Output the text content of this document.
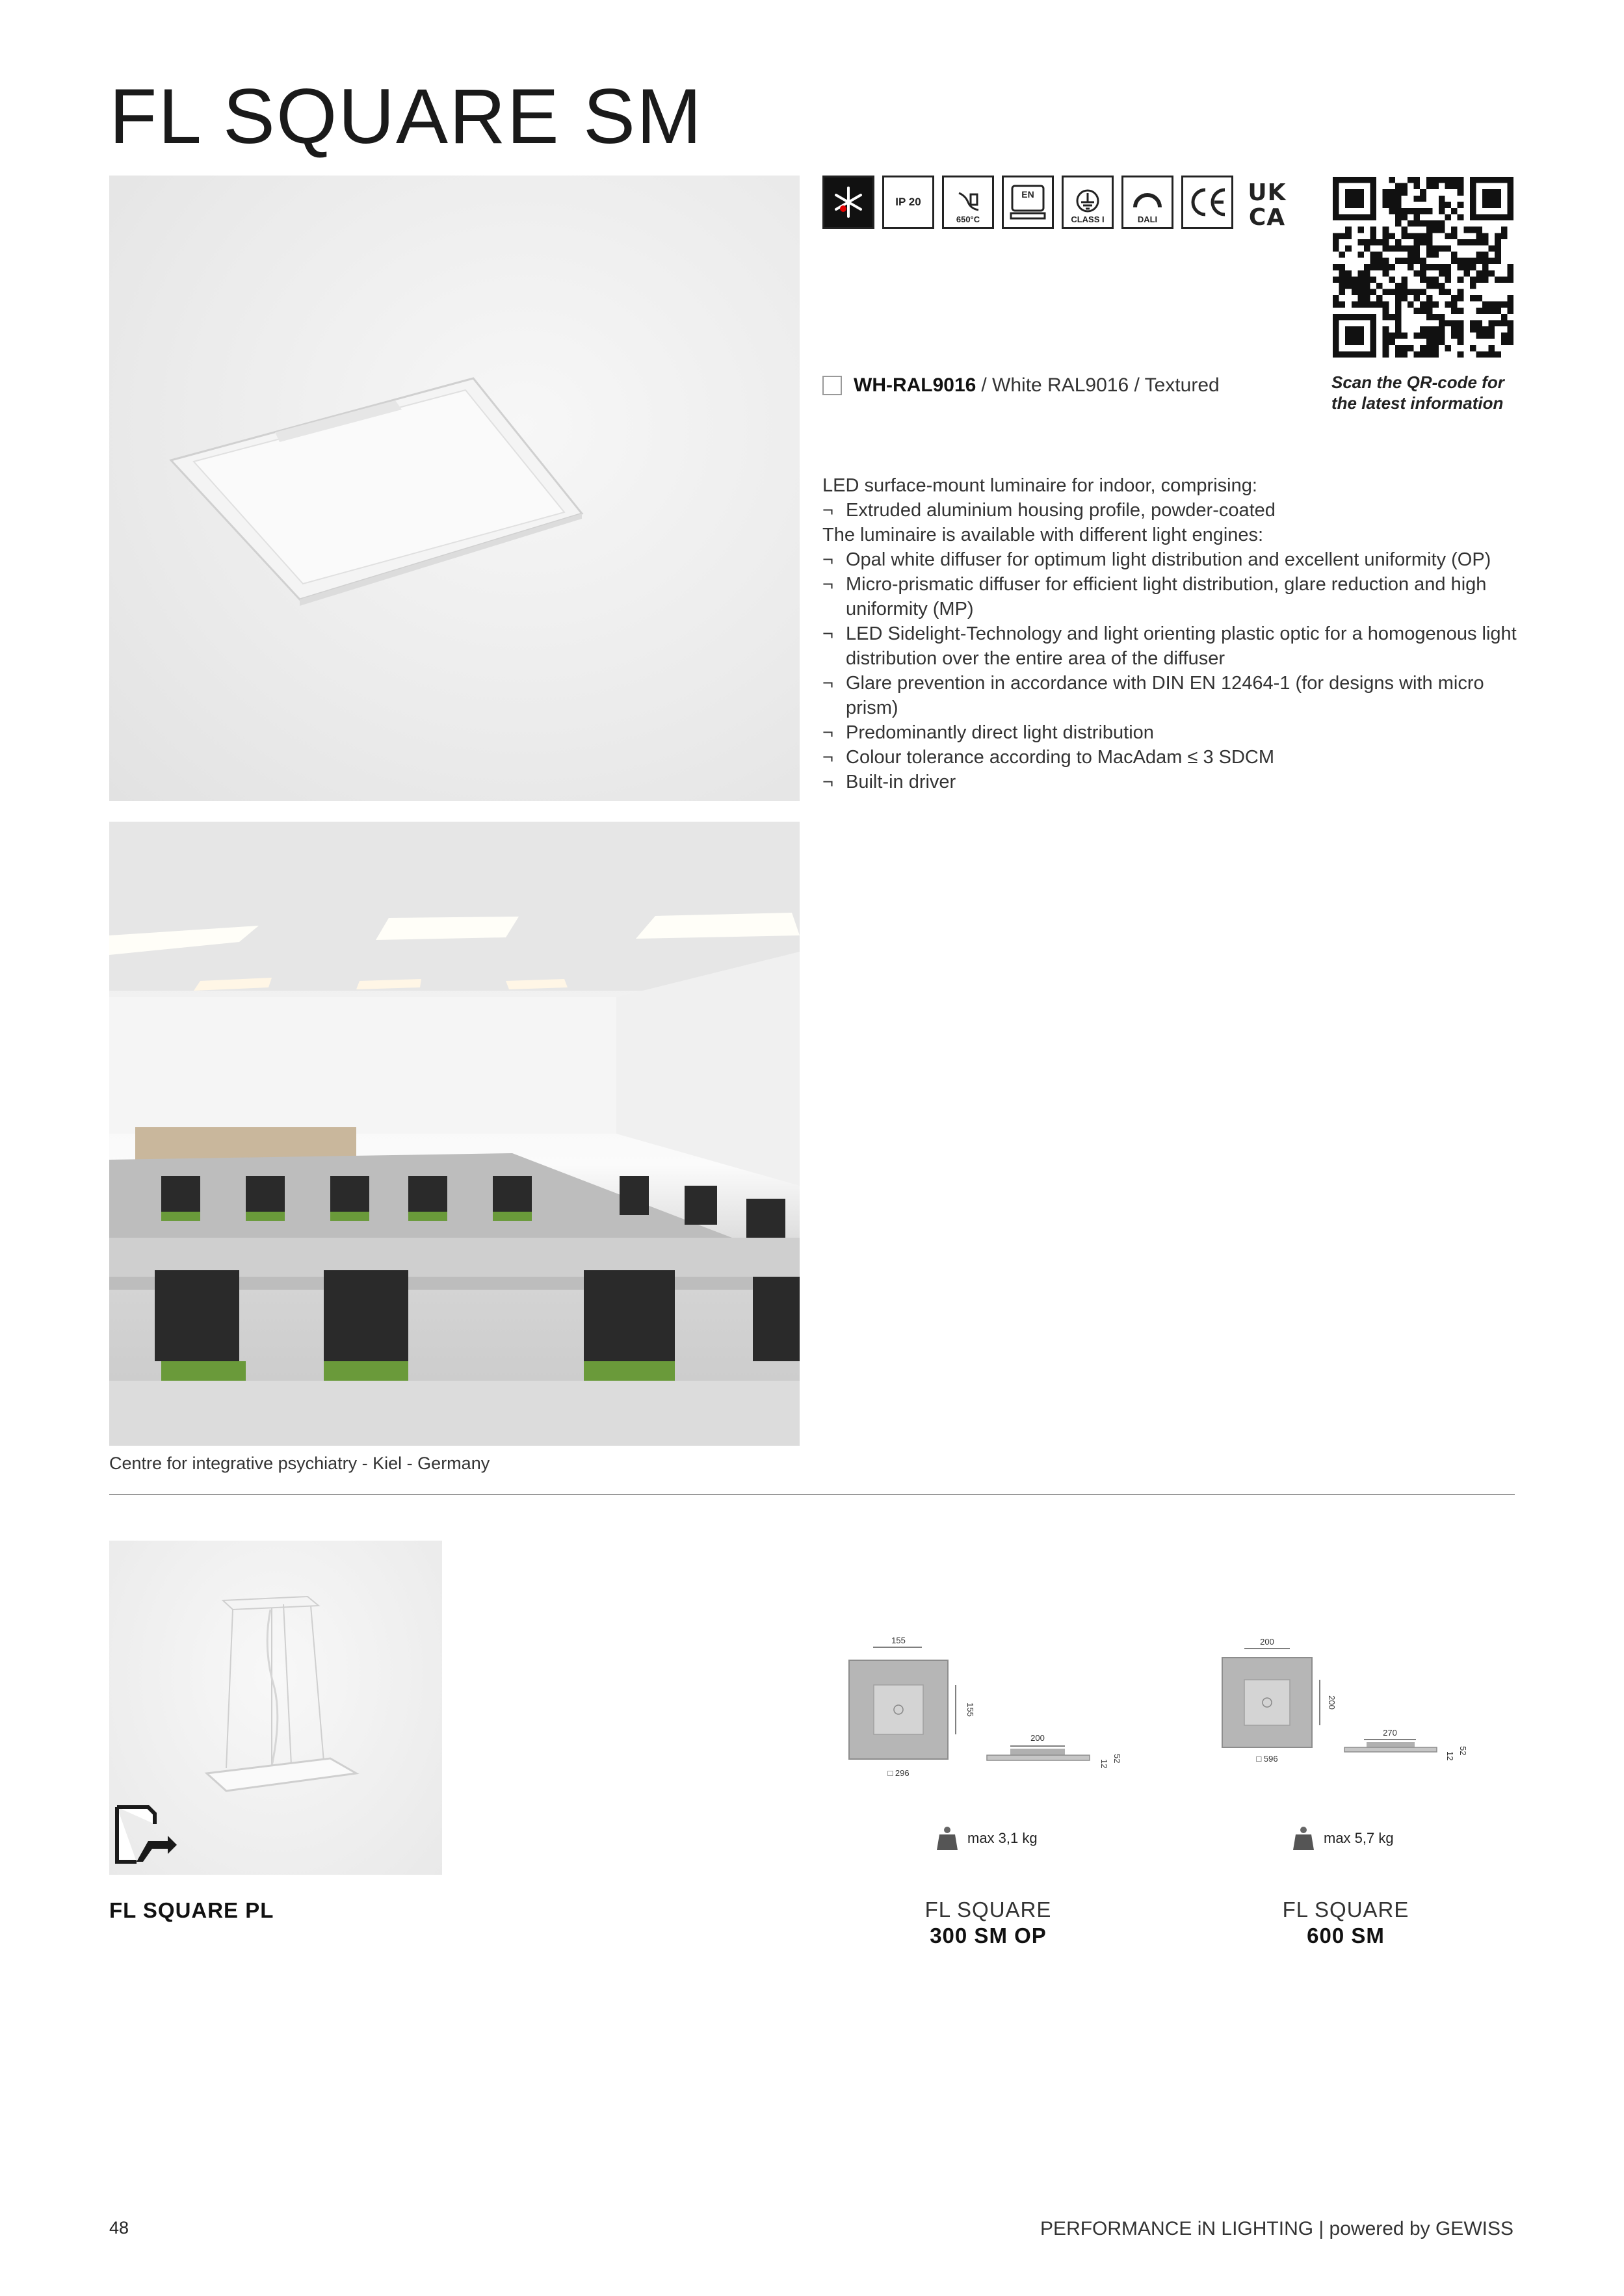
FL SQUARE SM
IP 20
650°C
EN
CLASS I	DALI
UK
CA
Scan the QR-code for the latest information
WH-RAL9016 / White RAL9016 / Textured
LED surface-mount luminaire for indoor, comprising:
¬ Extruded aluminium housing profile, powder-coated
The luminaire is available with different light engines:
¬ Opal white diffuser for optimum light distribution and excellent uniformity (OP)
¬ Micro-prismatic diffuser for efficient light distribution, glare reduction and high uniformity (MP)
¬ LED Sidelight-Technology and light orienting plastic optic for a homogenous light distribution over the entire area of the diffuser
¬ Glare prevention in accordance with DIN EN 12464-1 (for designs with micro prism)
¬ Predominantly direct light distribution
¬ Colour tolerance according to MacAdam ≤ 3 SDCM
¬ Built-in driver
Centre for integrative psychiatry - Kiel - Germany
FL SQUARE PL
155
155
□ 296
200
12
52
max 3,1 kg
FL SQUARE
300 SM OP
200
200
□ 596
270
12
52
max 5,7 kg
FL SQUARE
600 SM
48	PERFORMANCE iN LIGHTING | powered by GEWISS
